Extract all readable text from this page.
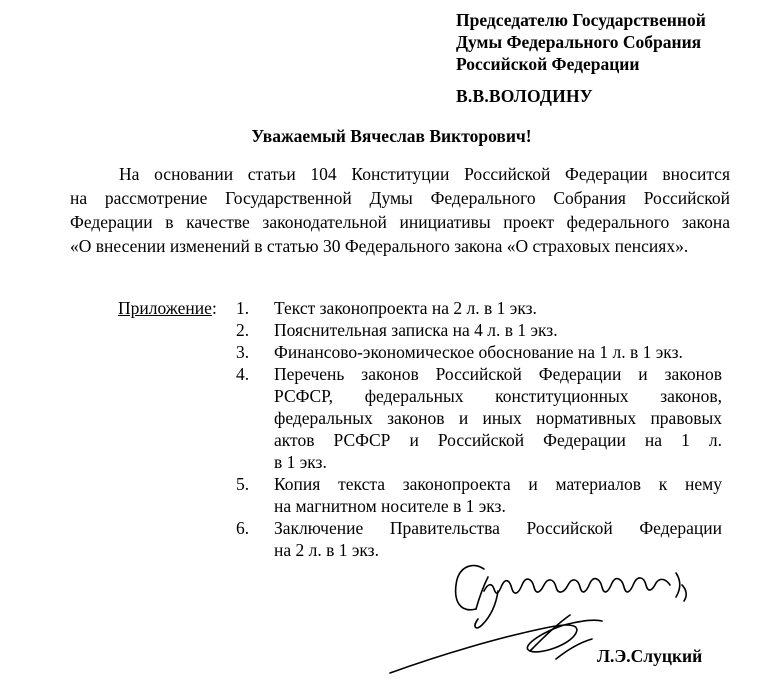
Председателю Государственной
Думы Федерального Собрания
Российской Федерации
В.В.ВОЛОДИНУ
Уважаемый Вячеслав Викторович!
На основании статьи 104 Конституции Российской Федерации вносится
на рассмотрение Государственной Думы Федерального Собрания Российской
Федерации в качестве законодательной инициативы проект федерального закона
«О внесении изменений в статью 30 Федерального закона «О страховых пенсиях».
Приложение: 1. Текст законопроекта на 2 л. в 1 экз.
2. Пояснительная записка на 4 л. в 1 экз.
3. Финансово-экономическое обоснование на 1 л. в 1 экз.
4. Перечень законов Российской Федерации и законов
РСФСР, федеральных конституционных законов,
федеральных законов и иных нормативных правовых
актов РСФСР и Российской Федерации на 1 л.
в 1 экз.
5. Копия текста законопроекта и материалов к нему
на магнитном носителе в 1 экз.
6. Заключение Правительства Российской Федерации
на 2 л. в 1 экз.
Л.Э.Слуцкий
